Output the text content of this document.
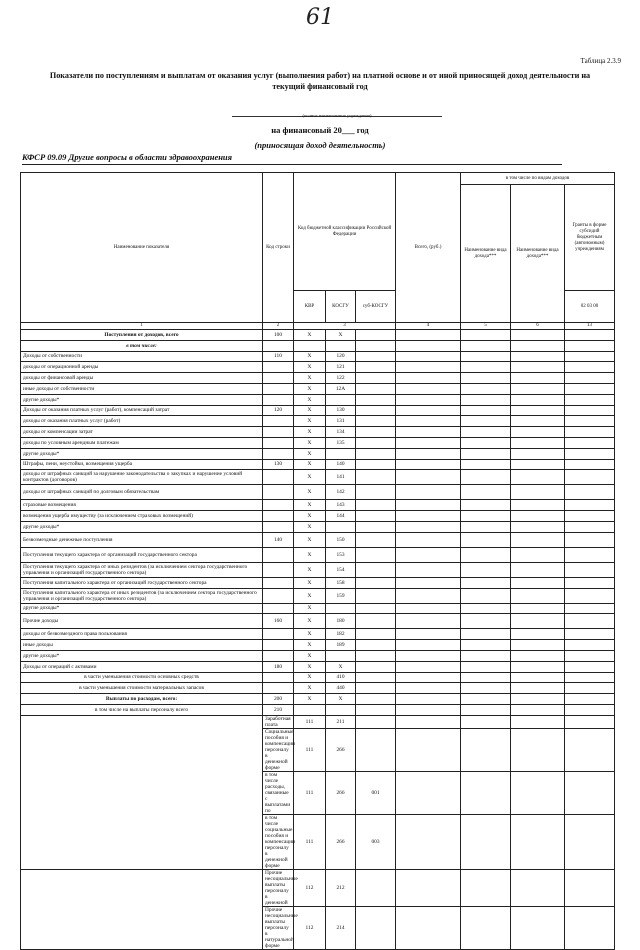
61
Таблица 2.3.9
Показатели по поступлениям и выплатам от оказания услуг (выполнения работ) на платной основе и от иной приносящей доход деятельности на текущий финансовый год
(полное наименование учреждения)
на финансовый 20___ год
(приносящая доход деятельность)
КФСР 09.09 Другие вопросы в области здравоохранения
Наименование показателя	Код строки	Код бюджетной классификации Российской Федерации			Всего, (руб.)	в том числе по видам доходов		
						Наименование вида дохода***	Наименование вида дохода***	Гранты в форме субсидий бюджетным (автономным) учреждениям
		КВР	КОСГУ	суб-КОСГУ				02 03 00
1	2	3			4	5	6	13
Поступления от доходов, всего	100	X	X					
в том числе:								
Доходы от собственности	110	X	120					
доходы от операционной аренды		X	121					
доходы от финансовой аренды		X	122					
иные доходы от собственности		X	12А					
другие доходы*		X						
Доходы от оказания платных услуг (работ), компенсаций затрат	120	X	130					
доходы от оказания платных услуг (работ)		X	131					
доходы от компенсации затрат		X	134					
доходы по условным арендным платежам		X	135					
другие доходы*		X						
Штрафы, пени, неустойки, возмещения ущерба	130	X	140					
доходы от штрафных санкций за нарушение законодательства о закупках и нарушение условий контрактов (договоров)		X	141					
доходы от штрафных санкций по долговым обязательствам		X	142					
страховые возмещения		X	143					
возмещения ущерба имуществу (за исключением страховых возмещений)		X	144					
другие доходы*		X						
Безвозмездные денежные поступления	140	X	150					
Поступления текущего характера от организаций государственного сектора		X	153					
Поступления текущего характера от иных резидентов (за исключением сектора государственного управления и организаций государственного сектора)		X	154					
Поступления капитального характера от организаций государственного сектора		X	158					
Поступления капитального характера от иных резидентов (за исключением сектора государственного управления и организаций государственного сектора)		X	159					
другие доходы*		X						
Прочие доходы	160	X	180					
доходы от безвозмездного права пользования		X	182					
иные доходы		X	189					
другие доходы*		X						
Доходы от операций с активами	180	X	X					
в части уменьшения стоимости основных средств		X	410					
в части уменьшения стоимости материальных запасов		X	440					
Выплаты по расходам, всего:	200	X	X					
в том числе на выплаты персоналу всего	210							

	Заработная плата	111	211					
	Социальные пособия и компенсации персоналу в денежной форме	111	266					
	в том числе расходы, связанные с выплатами по	111	266	001				
	в том числе социальные пособия и компенсации персоналу в денежной форме	111	266	003				

	Прочие несоциальные выплаты персоналу в денежной	112	212					
	Прочие несоциальные выплаты персоналу в натуральной форме	112	214					
